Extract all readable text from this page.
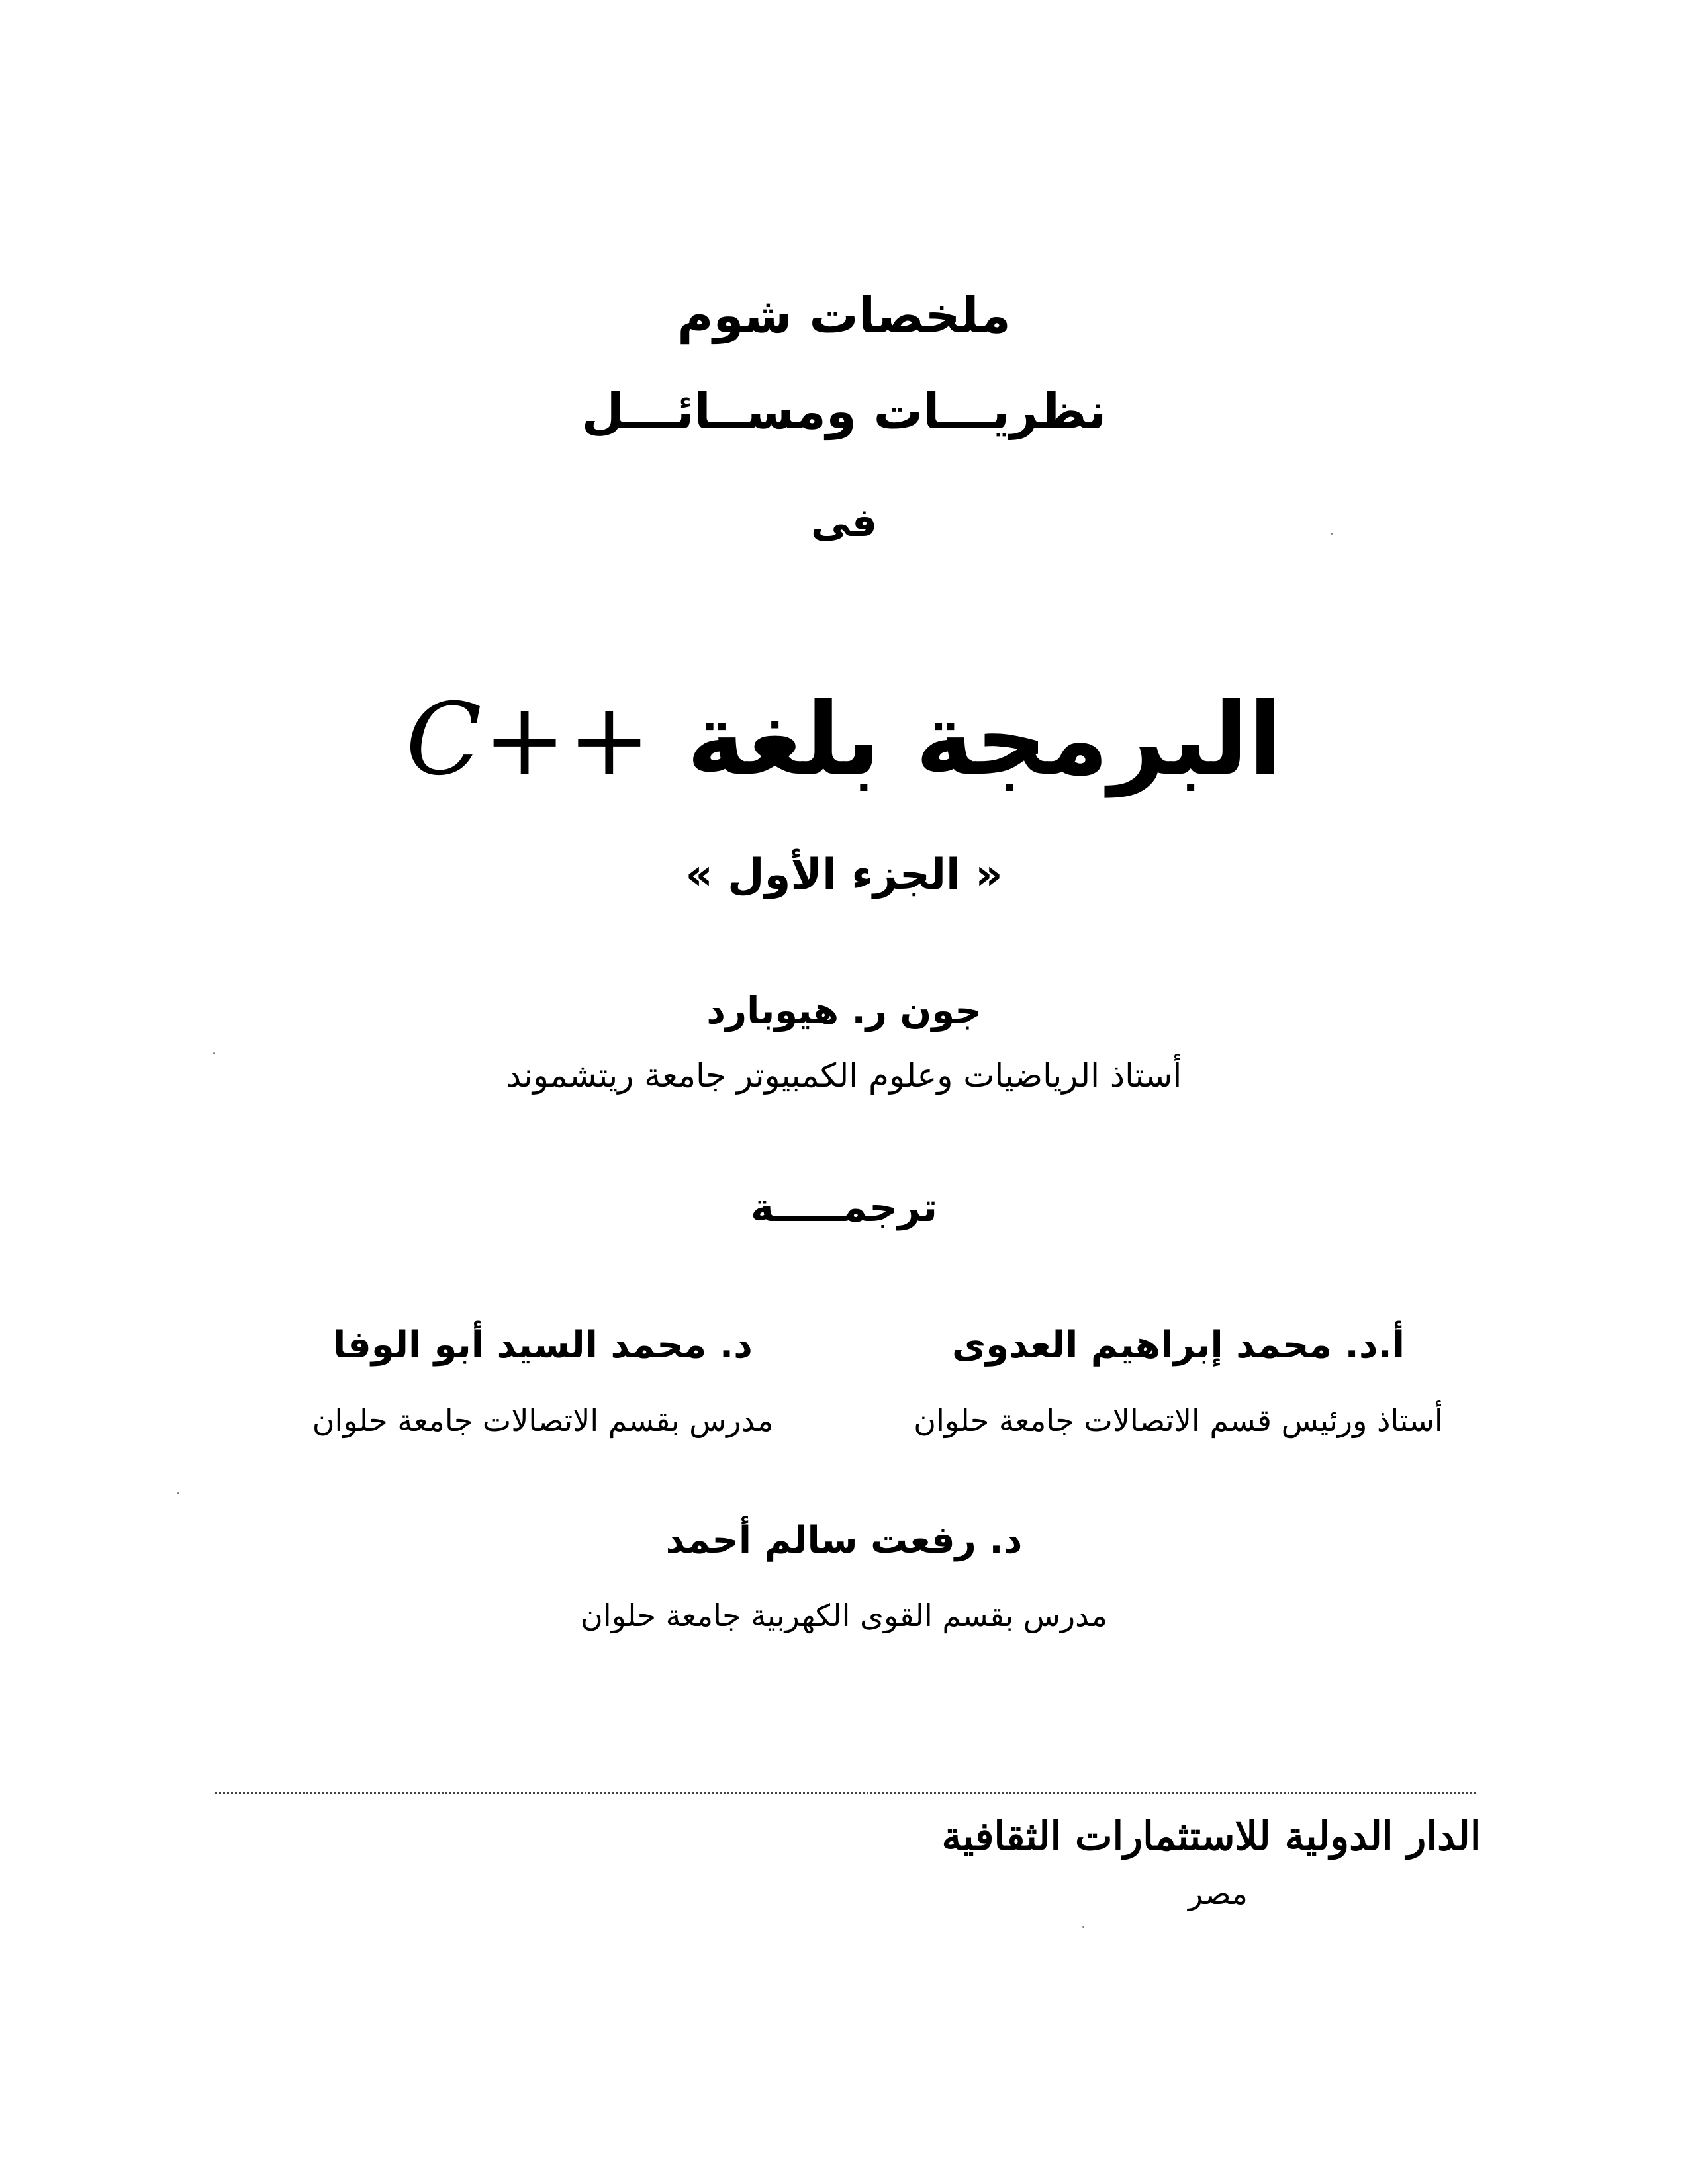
ملخصات شوم
نظريـــات ومســائـــل
فى
البرمجة بلغة C++
« الجزء الأول »
جون ر. هيوبارد
أستاذ الرياضيات وعلوم الكمبيوتر جامعة ريتشموند
ترجمـــــة
أ.د. محمد إبراهيم العدوى
أستاذ ورئيس قسم الاتصالات جامعة حلوان
د. محمد السيد أبو الوفا
مدرس بقسم الاتصالات جامعة حلوان
د. رفعت سالم أحمد
مدرس بقسم القوى الكهربية جامعة حلوان
الدار الدولية للاستثمارات الثقافية
مصر
